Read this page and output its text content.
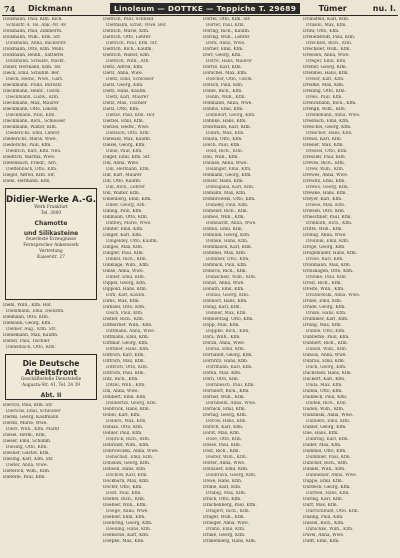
74	Dickmann	Linoleum — DOTTKE — Teppiche T. 29689	Tümer	nu. I.
Dickmann, Paul, Kfm. Rich.
Schulstr. 4. Tel. Ank.-Nr. 48
Dickmann, Paul, Zimmerm.
Dickmann, Wilh., Kfm. Str.
Dickmann, Anna, Bäckerstr.
Dickmann, Otto, Kfm. Mühl.
Dickmann, Reinh., Sattlerei
Dickmann, Schulze, Markt.
Didier, Hermann, Kfm. Tel.
Dieck, Emil, Schuhm. Ber.
Dieck, Hedw., Wwe., Gart.
Dieckmann, Frida, Bürostr.
Dieckmann, Heinr., Tischl.
Dieckmann, Ludw., Kfm.
Dieckmann, Max, Maurer
Dieckmann, Otto, Lokom.
Dieckmann, Paul, Kfm.
Dieckmann, Rich., Schlosser
Dieckmann, Walter, Kfm.
Diederichs, Emil, Lehrer
Diederichs, Marie, Wwe.
Diederichs, Paul, Kfm.
Diedrich, Karl, Kfm. Neu.
Diedrich, Martha, Wwe.
Diefenbach, Friedr., Arb.
Dieffenbach, Otto, Kfm.
Diegel, Alfred, Kfm. Str.
Diehl, Hermann, Kfm.
Didier-Werke A.-G.
Werk Frankfurt
Tel. 3000
Chamotte
und Silikasteine
feuerfeste Erzeugnisse
Fernsprecher Ankenwerk
Vertretung
Kaiserstr. 27
Diehl, Wilh., Kfm. Hof.
Diehlmann, Emil, Dienstm.
Dielmann, Otto, Kfm.
Diemann, Georg, Kfm.
Diemer, Aug., Kfm. Str.
Dienemann, Max, Kaufm.
Dienst, Paul, Tischler
Dienstbach, Otto, Kfm.
Die Deutsche Arbeitsfront
Geschäftsstelle Dienststelle
Augusta-Str. 41, Tel. 24 39
Abt. II
Dierich, Paul, Kfm. Str.
Dierichs, Emil, Schlosser
Dierks, Georg, Kaufmann
Dierks, Marie, Wwe.
Diers, Wilh., Kfm. Markt
Diesel, Herm., Kfm.
Dieser, Emil, Schuhm.
Diesing, Otto, Kfm.
Diesner, Gustav, Kfm.
Diesing, Karl, Kfm. Str.
Dieter, Anna, Wwe.
Dieterich, Wilh., Kfm.
Dieterle, Paul, Kfm.
Dietrich, Paul, Schneid.
Dietmann, Ernst, Wwe. Ber.
Dietrich, Marie, Kfm.
Dietrich, Otto, Lehrer
Dietrich, Paul, Kfm. Str.
Dietrich, Rich., Kaufm.
Dietrich, Walter, Kfm.
Dietrich, Wilh., Arb.
Dietz, Alfred, Kfm.
Dietz, Anna, Wwe.
Dietz, Emil, Schlosser
Dietz, Georg, Kfm.
Dietz, Hans, Kaufm.
Dietz, Karl, Maurer
Dietz, Max, Tischler
Dietz, Otto, Kfm.
Dietze, Paul, Kfm. Hof
Dietzel, Emil, Kfm.
Dietzel, Hedw., Wwe.
Dietzsch, Otto, Kfm.
Diewald, Max, Kaufm.
Diezel, Georg, Kfm.
Dihle, Paul, Kfm.
Dilger, Emil, Kfm. Str.
Dill, Anna, Wwe.
Dill, Hermann, Kfm.
Dill, Karl, Maurer
Dill, Otto, Kaufm.
Dill, Rich., Lehrer
Dill, Walter, Kfm.
Dillenberg, Emil, Kfm.
Diller, Georg, Arb.
Dilling, Paul, Kfm.
Dillmann, Otto, Kfm.
Dilthey, Marie, Wwe.
Dimter, Emil, Kfm.
Dinger, Karl, Kfm.
Dingeldey, Otto, Kaufm.
Dinges, Max, Kfm.
Dingler, Paul, Kfm.
Dinkel, Rich., Kfm.
Dinklage, Wilh., Kfm.
Dinse, Anna, Wwe.
Dinter, Emil, Kfm.
Dippel, Georg, Kfm.
Dippold, Hans, Kfm.
Dirk, Karl, Kaufm.
Dirks, Max, Kfm.
Dirksen, Otto, Kfm.
Disch, Paul, Kfm.
Distler, Rich., Kfm.
Dittberner, Wilh., Kfm.
Dittmann, Anna, Wwe.
Dittmann, Emil, Kfm.
Dittmar, Georg, Kfm.
Dittmer, Hans, Kfm.
Dittrich, Karl, Kfm.
Dittrich, Max, Kfm.
Dittrich, Otto, Kfm.
Dittrich, Paul, Kfm.
Ditz, Rich., Kfm.
Ditzel, Wilh., Kfm.
Dix, Anna, Wwe.
Dobbert, Emil, Kfm.
Dobbertin, Georg, Kfm.
Dobbrick, Hans, Kfm.
Dobel, Karl, Kfm.
Dobers, Max, Kfm.
Dobias, Otto, Kfm.
Dobler, Paul, Kfm.
Dobrick, Rich., Kfm.
Dobrindt, Wilh., Kfm.
Dobrowolski, Anna, Wwe.
Dobschall, Emil, Kfm.
Dobslaw, Georg, Kfm.
Dobson, Hans, Kfm.
Dochow, Karl, Kfm.
Dockhorn, Max, Kfm.
Docter, Otto, Kfm.
Dodt, Paul, Kfm.
Doebel, Rich., Kfm.
Doebler, Wilh., Kfm.
Doege, Anna, Wwe.
Doehler, Emil, Kfm.
Doehring, Georg, Kfm.
Doelling, Hans, Kfm.
Doenecke, Karl, Kfm.
Doepke, Max, Kfm.
Dörfel, Otto, Kfm. Str.
Dörfer, Paul, Kfm.
Döring, Rich., Kaufm.
Döring, Wilh., Lehrer
Dörk, Anna, Wwe.
Dörner, Emil, Kfm.
Dörr, Georg, Kfm.
Dörre, Hans, Maurer
Dörrie, Karl, Kfm.
Dörschel, Max, Kfm.
Döscher, Otto, Tischl.
Dötsch, Paul, Kfm.
Dohle, Rich., Kfm.
Dohm, Wilh., Kfm.
Dohmann, Anna, Wwe.
Dohms, Emil, Kfm.
Dohndorf, Georg, Kfm.
Dohnke, Hans, Kfm.
Dohrmann, Karl, Kfm.
Dohrn, Max, Kfm.
Dolata, Otto, Kfm.
Dolch, Paul, Kfm.
Dold, Rich., Kfm.
Doll, Wilh., Kfm.
Dollase, Anna, Wwe.
Dollinger, Emil, Kfm.
Dolmann, Georg, Kfm.
Dolzer, Hans, Kfm.
Domagalla, Karl, Kfm.
Domann, Max, Kfm.
Dombrowski, Otto, Kfm.
Domdey, Paul, Kfm.
Domeier, Rich., Kfm.
Domes, Wilh., Kfm.
Domhardt, Anna, Wwe.
Domin, Emil, Kfm.
Dominik, Georg, Kfm.
Domke, Hans, Kfm.
Dommasch, Karl, Kfm.
Dommel, Max, Kfm.
Dommer, Otto, Kfm.
Domnick, Paul, Kfm.
Domrös, Rich., Kfm.
Domscheit, Wilh., Kfm.
Donat, Anna, Wwe.
Donath, Emil, Kfm.
Donau, Georg, Kfm.
Dondorf, Hans, Kfm.
Donig, Karl, Kfm.
Donner, Max, Kfm.
Donnerstag, Otto, Kfm.
Dopp, Paul, Kfm.
Doppke, Rich., Kfm.
Dora, Wilh., Kfm.
Doran, Anna, Wwe.
Dorau, Emil, Kfm.
Dorbandt, Georg, Kfm.
Dorbritz, Hans, Kfm.
Dorfmann, Karl, Kfm.
Dorka, Max, Kfm.
Dorn, Otto, Kfm.
Dornbusch, Paul, Kfm.
Dorndorf, Rich., Kfm.
Dorner, Wilh., Kfm.
Dornheim, Anna, Wwe.
Dornick, Emil, Kfm.
Dornig, Georg, Kfm.
Dorow, Hans, Kfm.
Dorsch, Karl, Kfm.
Dorst, Max, Kfm.
Dose, Otto, Kfm.
Dosse, Paul, Kfm.
Dost, Rich., Kfm.
Doster, Wilh., Kfm.
Dotter, Anna, Wwe.
Dotzauer, Emil, Kfm.
Doubrava, Georg, Kfm.
Dowe, Hans, Kfm.
Drabe, Karl, Kfm.
Drabig, Max, Kfm.
Drach, Otto, Kfm.
Drachenberg, Paul, Kfm.
Drägert, Rich., Kfm.
Dräger, Wilh., Kfm.
Draeger, Anna, Wwe.
Drahn, Emil, Kfm.
Drake, Georg, Kfm.
Drakenberg, Hans, Kfm.
Dransfeld, Karl, Kfm.
Drasdo, Max, Kfm.
Draw, Otto, Kfm.
Drebenstedt, Paul, Kfm.
Drechsel, Rich., Kfm.
Drechsler, Wilh., Kfm.
Dreesen, Anna, Wwe.
Dreger, Emil, Kfm.
Dreher, Georg, Kfm.
Drehmel, Hans, Kfm.
Dreier, Karl, Kfm.
Dreifke, Max, Kfm.
Dreiling, Otto, Kfm.
Dreis, Paul, Kfm.
Drenckhahn, Rich., Kfm.
Drengk, Wilh., Kfm.
Drenkmann, Anna, Wwe.
Dresbach, Emil, Kfm.
Dreschel, Georg, Kfm.
Drescher, Hans, Kfm.
Dresel, Karl, Kfm.
Dresler, Max, Kfm.
Dressel, Otto, Kfm.
Dressler, Paul, Kfm.
Dreves, Rich., Kfm.
Drew, Wilh., Kfm.
Drewes, Anna, Wwe.
Drewitz, Emil, Kfm.
Drews, Georg, Kfm.
Drewke, Hans, Kfm.
Dreyer, Karl, Kfm.
Driese, Max, Kfm.
Driesen, Otto, Kfm.
Drieschner, Paul, Kfm.
Drinkuth, Rich., Kfm.
Dritte, Wilh., Kfm.
Drobig, Anna, Wwe.
Drobnik, Emil, Kfm.
Dröge, Georg, Kfm.
Drögemüller, Hans, Kfm.
Dröse, Karl, Kfm.
Drohmann, Max, Kfm.
Drolshagen, Otto, Kfm.
Dronke, Paul, Kfm.
Drost, Rich., Kfm.
Droste, Wilh., Kfm.
Drozdowski, Anna, Wwe.
Drube, Emil, Kfm.
Drude, Georg, Kfm.
Drüke, Hans, Kfm.
Drummer, Karl, Kfm.
Drung, Max, Kfm.
Dubbe, Otto, Kfm.
Dubberke, Paul, Kfm.
Dubbert, Rich., Kfm.
Dubiel, Wilh., Kfm.
Dubois, Anna, Wwe.
Dubrau, Emil, Kfm.
Duch, Georg, Kfm.
Duchstein, Hans, Kfm.
Duckert, Karl, Kfm.
Duda, Max, Kfm.
Dudda, Otto, Kfm.
Duddeck, Paul, Kfm.
Dudek, Rich., Kfm.
Duden, Wilh., Kfm.
Dudzinski, Anna, Wwe.
Dübbers, Emil, Kfm.
Dübler, Georg, Kfm.
Düe, Hans, Kfm.
Dühring, Karl, Kfm.
Dülfer, Max, Kfm.
Dümmel, Otto, Kfm.
Dümmler, Paul, Kfm.
Düncher, Rich., Kfm.
Dünkel, Wilh., Kfm.
Dünnebier, Anna, Wwe.
Düppe, Emil, Kfm.
Dürbeck, Georg, Kfm.
Dürfeld, Hans, Kfm.
Düring, Karl, Kfm.
Dürr, Max, Kfm.
Dürrschmidt, Otto, Kfm.
Düsing, Paul, Kfm.
Düssel, Rich., Kfm.
Dütschke, Wilh., Kfm.
Düvel, Anna, Wwe.
Dufft, Emil, Kfm.
